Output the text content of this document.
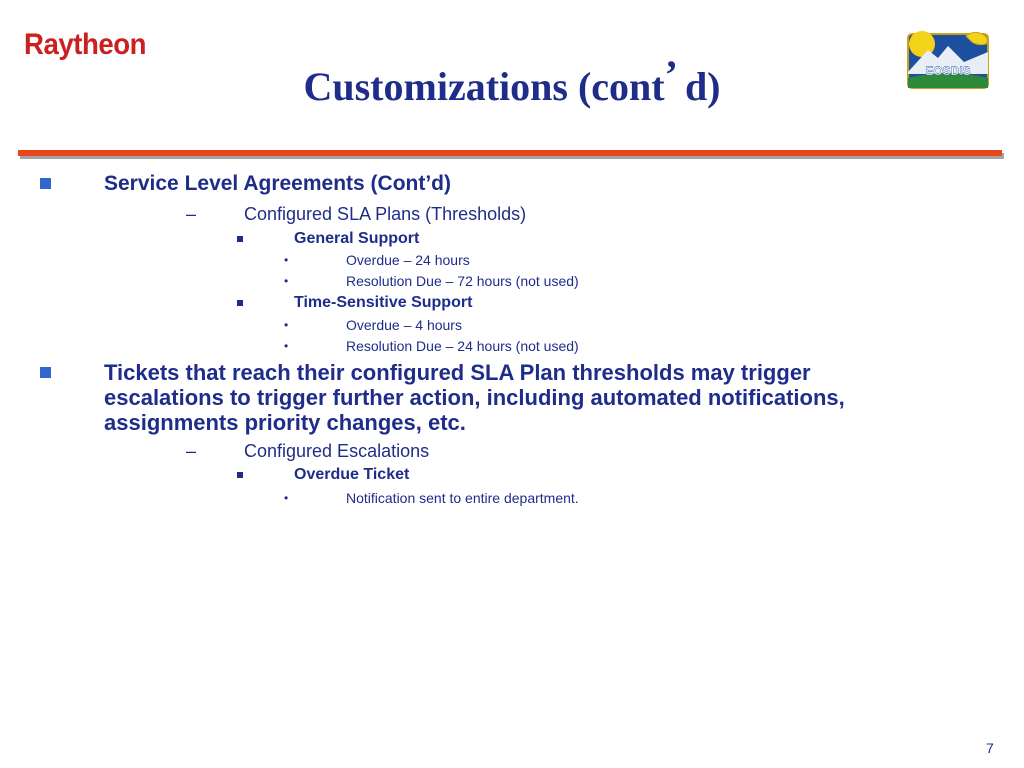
Raytheon
Customizations (cont’ d)	EOSDIS
Service Level Agreements (Cont’d)
–	Configured SLA Plans (Thresholds)
General Support
•	Overdue – 24 hours
•	Resolution Due – 72 hours (not used)
Time-Sensitive Support
•	Overdue – 4 hours
•	Resolution Due – 24 hours (not used)
Tickets that reach their configured SLA Plan thresholds may trigger
escalations to trigger further action, including automated notifications,
assignments priority changes, etc.
–	Configured Escalations
Overdue Ticket
•	Notification sent to entire department.
7
